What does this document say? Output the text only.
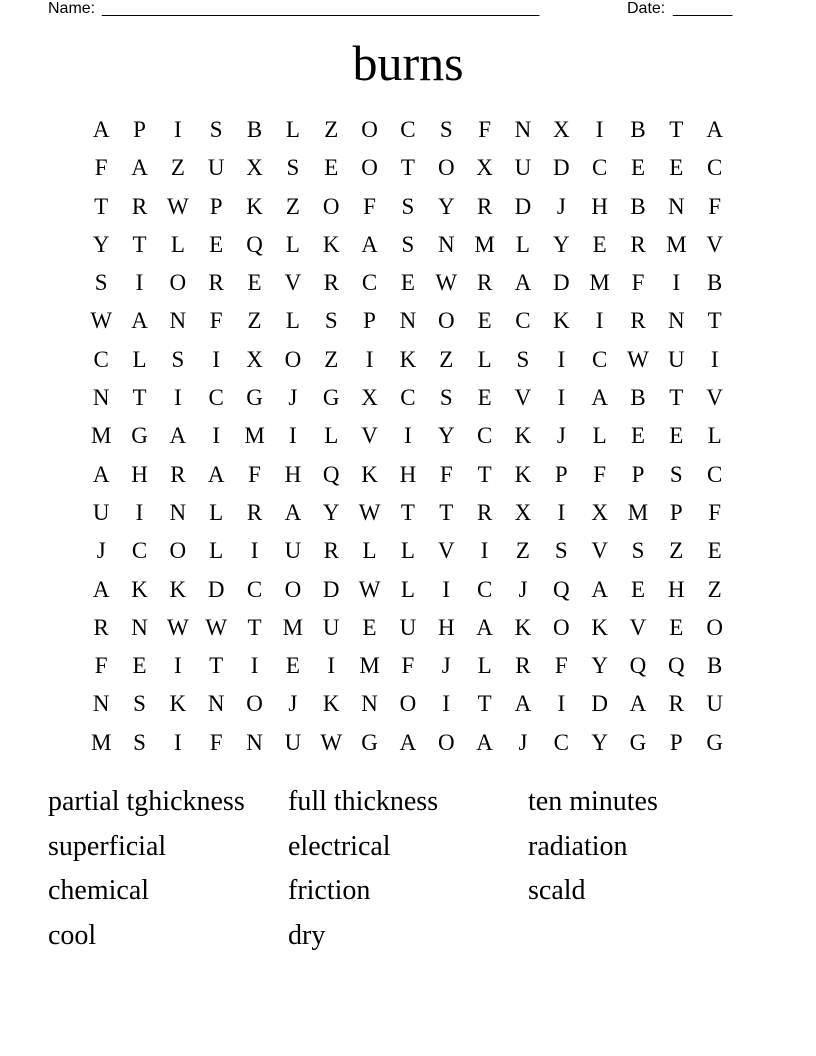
Name: ____________________________________________________	Date: _______
burns
A	P	I	S	B	L	Z	O C	S	F	N X	I	B	T	A
F	A	Z	U X	S	E	O	T	O X U D C	E	E	C
T	R W P	K	Z	O	F	S	Y R D	J	H B N	F
Y	T	L	E	Q	L	K A	S	N M L	Y	E	R M V
S	I	O R	E	V R	C	E W R A D M F	I	B
W A N	F	Z	L	S	P	N O	E	C K	I	R N	T
C	L	S	I	X O	Z	I	K	Z	L	S	I	C W U	I
N	T	I	C G	J	G X C	S	E	V	I	A B	T	V
M G A	I	M	I	L	V	I	Y C K	J	L	E	E	L
A H R A	F	H Q K H	F	T	K	P	F	P	S	C
U	I	N	L	R A Y W T	T	R X	I	X M P	F
J	C O	L	I	U R	L	L	V	I	Z	S	V	S	Z	E
A K K D C O D W L	I	C	J	Q A	E	H	Z
R N W W T M U	E	U H A K O K V	E	O
F	E	I	T	I	E	I	M F	J	L	R	F	Y Q Q B
N	S	K N O	J	K N O	I	T	A	I	D A R U
M S	I	F	N U W G A O A	J	C Y G	P	G
partial tghickness	full thickness	ten minutes
superficial	electrical	radiation
chemical	friction	scald
cool	dry
